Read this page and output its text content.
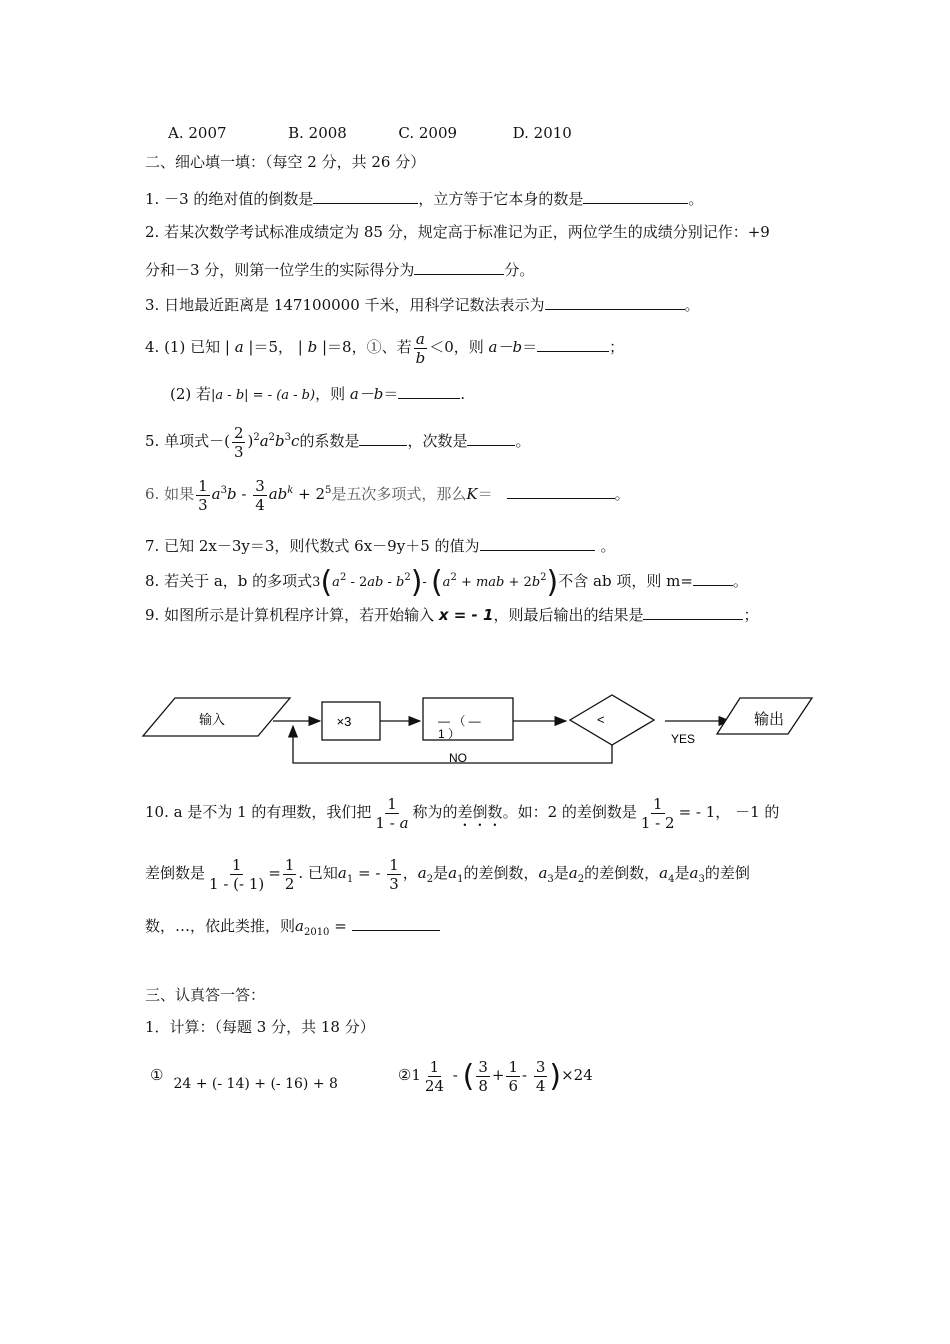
A. 2007	B. 2008	C. 2009	D. 2010
二、细心填一填：（每空 2 分，共 26 分）
1. －3 的绝对值的倒数是	，立方等于它本身的数是	。
2. 若某次数学考试标准成绩定为 85 分，规定高于标准记为正，两位学生的成绩分别记作：+9
分和－3 分，则第一位学生的实际得分为	分。
3. 日地最近距离是 147100000 千米，用科学记数法表示为	。
4. (1) 已知 | a |＝5， | b |＝8，①、若 $\frac{a}{b} <0$，则 a－b＝	；
(2) 若|a - b| = - (a - b)，则 a－b＝	.
5. 单项式－( $\frac{2}{3} )^2a^2b^3c$的系数是	，次数是	。
6. 如果 $\frac{1}{3} a^3b - \frac{3}{4} ab^k + 2^5$是五次多项式，那么K＝	。
7. 已知 2x－3y＝3，则代数式 6x－9y＋5 的值为	。
8. 若关于 a，b 的多项式$3(a^2 - 2ab - b^2)-$ ($a^2$ + mab + $2b^2$)不含 ab 项，则 m=	。
9. 如图所示是计算机程序计算，若开始输入 x = - 1，则最后输出的结果是	；
输入	×3	— （ —
1 ）
<
YES
输出
NO
10. a 是不为 1 的有理数，我们把 $\frac{1}{1 - a}$ 称为的差倒数。如：2 的差倒数是 $\frac{1}{1 - 2}$ = - 1， －1 的
差倒数是 $\frac{1}{1 - (- 1)} = \frac{1}{2}$ . 已知$a_1$ = - $\frac{1}{3}$ ，$a_2$是$a_1$的差倒数，$a_3$是$a_2$的差倒数，$a_4$是$a_3$的差倒
数，…，依此类推，则$a_{2010}$ =
三、认真答一答：
1．计算：（每题 3 分，共 18 分）
① 24 + (- 14) + (- 16) + 8	②1 $\frac{1}{24}$ - ( $\frac{3}{8} + \frac{1}{6} - \frac{3}{4} )\times 24$
